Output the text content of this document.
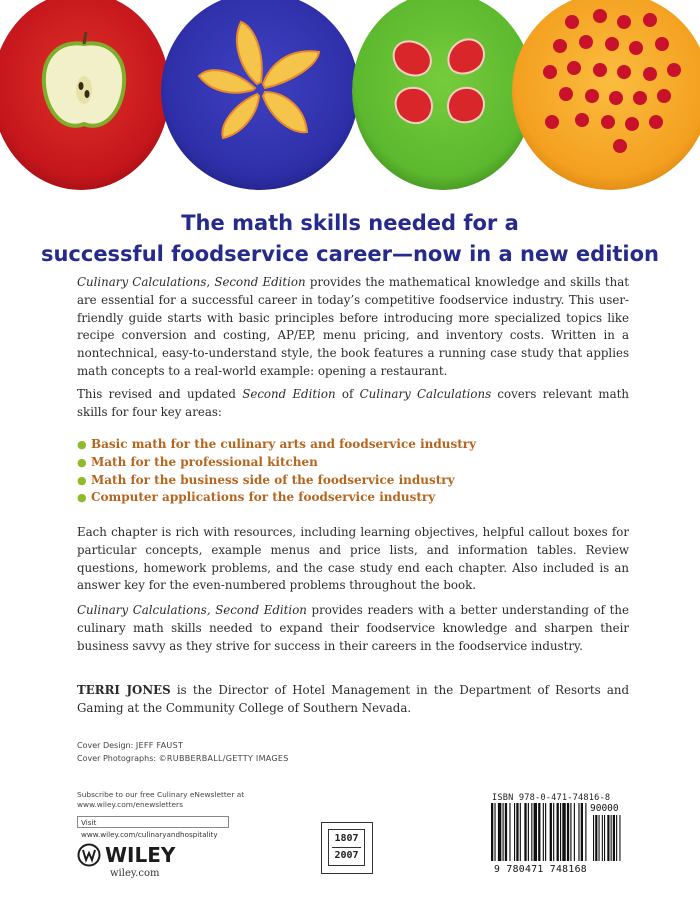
The math skills needed for a
successful foodservice career—now in a new edition

Culinary Calculations, Second Edition provides the mathematical knowledge and skills that are essential for a successful career in today’s competitive foodservice industry. This user-friendly guide starts with basic principles before introducing more specialized topics like recipe conversion and costing, AP/EP, menu pricing, and inventory costs. Written in a nontechnical, easy-to-understand style, the book features a running case study that applies math concepts to a real-world example: opening a restaurant.

This revised and updated Second Edition of Culinary Calculations covers relevant math skills for four key areas:

● Basic math for the culinary arts and foodservice industry
● Math for the professional kitchen
● Math for the business side of the foodservice industry
● Computer applications for the foodservice industry

Each chapter is rich with resources, including learning objectives, helpful callout boxes for particular concepts, example menus and price lists, and information tables. Review questions, homework problems, and the case study end each chapter. Also included is an answer key for the even-numbered problems throughout the book.

Culinary Calculations, Second Edition provides readers with a better understanding of the culinary math skills needed to expand their foodservice knowledge and sharpen their business savvy as they strive for success in their careers in the foodservice industry.

TERRI JONES is the Director of Hotel Management in the Department of Resorts and Gaming at the Community College of Southern Nevada.

Cover Design: JEFF FAUST
Cover Photographs: ©RUBBERBALL/GETTY IMAGES
Subscribe to our free Culinary eNewsletter at
www.wiley.com/enewsletters
Visit www.wiley.com/culinaryandhospitality
WILEY
wiley.com
1807
2007
ISBN 978-0-471-74816-8
90000
9 780471 748168
